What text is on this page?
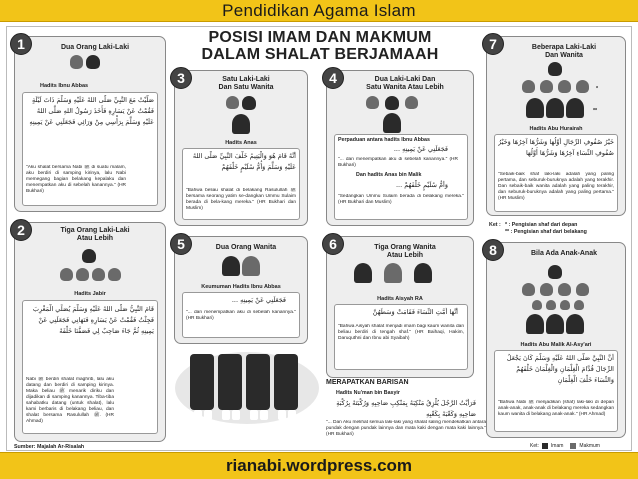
Pendidikan Agama Islam
POSISI IMAM DAN MAKMUM
DALAM SHALAT BERJAMAAH
1	Dua Orang Laki-Laki
Hadits Ibnu Abbas
صَلَّيْتُ مَعَ النَّبِيِّ صَلَّى اللهُ عَلَيْهِ وَسَلَّمَ ذَاتَ لَيْلَةٍ فَقُمْتُ عَنْ يَسَارِهِ فَأَخَذَ رَسُولُ اللهِ صَلَّى اللهُ عَلَيْهِ وَسَلَّمَ بِرَأْسِي مِنْ وَرَائِي فَجَعَلَنِي عَنْ يَمِينِهِ
"Aku shalat bersama Nabi ﷺ di suatu malam, aku berdiri di samping kirinya, lalu Nabi memegang bagian belakang kepalaku dan menempatkan aku di sebelah kanannya." (HR Bukhari)
2	Tiga Orang Laki-Laki
Atau Lebih
Hadits Jabir
قَامَ النَّبِيُّ صَلَّى اللهُ عَلَيْهِ وَسَلَّمَ يُصَلِّي الْمَغْرِبَ فَجِئْتُ فَقُمْتُ عَنْ يَسَارِهِ فَنَهَانِي فَجَعَلَنِي عَنْ يَمِينِهِ ثُمَّ جَاءَ صَاحِبٌ لِي فَصَفَّنَا خَلْفَهُ
Nabi ﷺ berdiri shalat maghrib, lalu aku datang dan berdiri di samping kirinya. Maka beliau ﷺ menarik diriku dan dijadikan di samping kanannya. Tiba-tiba sahabatku datang (untuk shalat), lalu kami berbaris di belakang beliau, dan shalat bersama Rasulullah ﷺ. (HR Ahmad)
3	Satu Laki-Laki
Dan Satu Wanita
Hadits Anas
أَنَّهُ قَامَ هُوَ وَالْيَتِيمُ خَلْفَ النَّبِيِّ صَلَّى اللهُ عَلَيْهِ وَسَلَّمَ وَأُمُّ سُلَيْمٍ خَلْفَهُمْ
"Bahwa beliau shalat di belakang Rasulullah ﷺ bersama seorang yatim se-dangkan Ummu Sulaim berada di bela-kang mereka." (HR Bukhari dan Muslim)
4	Dua Laki-Laki Dan
Satu Wanita Atau Lebih
Perpaduan antara hadits Ibnu Abbas
فَجَعَلَنِي عَنْ يَمِينِهِ ...
"... dan menempatkan aku di sebelah kanannya." (HR Bukhari)
Dan hadits Anas bin Malik
وَأُمُّ سُلَيْمٍ خَلْفَهُمْ ...
"Sedangkan Ummu Sulaim berada di belakang mereka." (HR Bukhari dan Muslim)
5	Dua Orang Wanita
Keumuman Hadits Ibnu Abbas
فَجَعَلَنِي عَنْ يَمِينِهِ ...
"... dan menempatkan aku di sebelah kanannya." (HR Bukhari)
6	Tiga Orang Wanita
Atau Lebih
Hadits Aisyah RA
أَنَّهَا أَمَّتِ النِّسَاءَ فَقَامَتْ وَسَطَهُنَّ
"Bahwa Aisyah shalat menjadi imam bagi kaum wanita dan beliau berdiri di tengah shaf." (HR Baihaqi, Hakim, Daruquthni dan Ibnu abi Syaibah)
7	Beberapa Laki-Laki
Dan Wanita
*
**
Hadits Abu Hurairah
خَيْرُ صُفُوفِ الرِّجَالِ أَوَّلُهَا وَشَرُّهَا آخِرُهَا وَخَيْرُ صُفُوفِ النِّسَاءِ آخِرُهَا وَشَرُّهَا أَوَّلُهَا
"Sebaik-baik shaf laki-laki adalah yang paling pertama, dan seburuk-buruknya adalah yang terakhir. Dan sebaik-baik wanita adalah yang paling terakhir, dan seburuk-buruknya adalah yang paling pertama." (HR Muslim)
Ket : * : Pengisian shaf dari depan
** : Pengisian shaf dari belakang
8	Bila Ada Anak-Anak
Hadits Abu Malik Al-Asy'ari
أَنَّ النَّبِيَّ صَلَّى اللهُ عَلَيْهِ وَسَلَّمَ كَانَ يَجْعَلُ الرِّجَالَ قُدَّامَ الْغِلْمَانِ وَالْغِلْمَانَ خَلْفَهُمْ وَالنِّسَاءَ خَلْفَ الْغِلْمَانِ
"Bahwa Nabi ﷺ menjadikan (shaf) laki-laki di depan anak-anak, anak-anak di belakang mereka sedangkan kaum wanita di belakang anak-anak." (HR Ahmad)
MERAPATKAN BARISAN
Hadits Nu'man bin Basyir
فَرَأَيْتُ الرَّجُلَ يُلْزِقُ مَنْكِبَهُ بِمَنْكِبِ صَاحِبِهِ وَرُكْبَتَهُ بِرُكْبَةِ صَاحِبِهِ وَكَعْبَهُ بِكَعْبِهِ
"... Dan Aku melihat semua laki-laki yang shalat saling mendekatkan antara pundak dengan pundak lainnya dan mata kaki dengan mata kaki lainnya." (HR Bukhari)
Sumber: Majalah Ar-Risalah	Ket: Imam	Makmum
rianabi.wordpress.com
